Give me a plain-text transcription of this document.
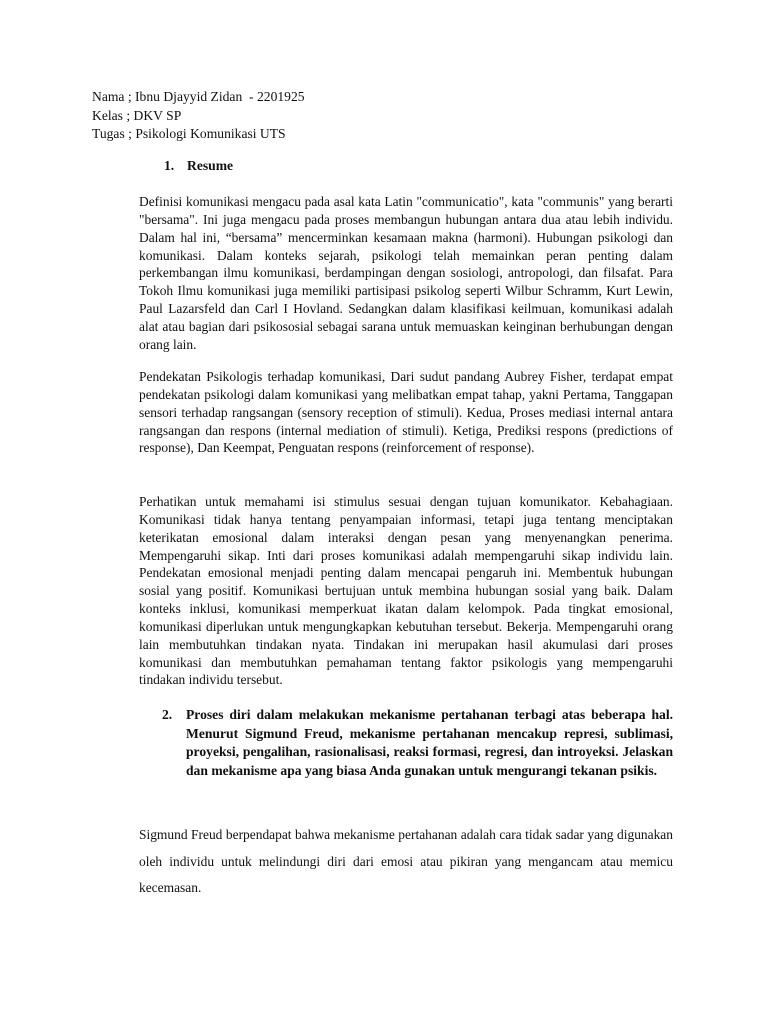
Nama ; Ibnu Djayyid Zidan  - 2201925
Kelas ; DKV SP
Tugas ; Psikologi Komunikasi UTS
1. Resume

Definisi komunikasi mengacu pada asal kata Latin "communicatio", kata "communis" yang berarti "bersama". Ini juga mengacu pada proses membangun hubungan antara dua atau lebih individu. Dalam hal ini, “bersama” mencerminkan kesamaan makna (harmoni). Hubungan psikologi dan komunikasi. Dalam konteks sejarah, psikologi telah memainkan peran penting dalam perkembangan ilmu komunikasi, berdampingan dengan sosiologi, antropologi, dan filsafat. Para Tokoh Ilmu komunikasi juga memiliki partisipasi psikolog seperti Wilbur Schramm, Kurt Lewin, Paul Lazarsfeld dan Carl I Hovland. Sedangkan dalam klasifikasi keilmuan, komunikasi adalah alat atau bagian dari psikososial sebagai sarana untuk memuaskan keinginan berhubungan dengan orang lain.

Pendekatan Psikologis terhadap komunikasi, Dari sudut pandang Aubrey Fisher, terdapat empat pendekatan psikologi dalam komunikasi yang melibatkan empat tahap, yakni Pertama, Tanggapan sensori terhadap rangsangan (sensory reception of stimuli). Kedua, Proses mediasi internal antara rangsangan dan respons (internal mediation of stimuli). Ketiga, Prediksi respons (predictions of response), Dan Keempat, Penguatan respons (reinforcement of response).

Perhatikan untuk memahami isi stimulus sesuai dengan tujuan komunikator. Kebahagiaan. Komunikasi tidak hanya tentang penyampaian informasi, tetapi juga tentang menciptakan keterikatan emosional dalam interaksi dengan pesan yang menyenangkan penerima. Mempengaruhi sikap. Inti dari proses komunikasi adalah mempengaruhi sikap individu lain. Pendekatan emosional menjadi penting dalam mencapai pengaruh ini. Membentuk hubungan sosial yang positif. Komunikasi bertujuan untuk membina hubungan sosial yang baik. Dalam konteks inklusi, komunikasi memperkuat ikatan dalam kelompok. Pada tingkat emosional, komunikasi diperlukan untuk mengungkapkan kebutuhan tersebut. Bekerja. Mempengaruhi orang lain membutuhkan tindakan nyata. Tindakan ini merupakan hasil akumulasi dari proses komunikasi dan membutuhkan pemahaman tentang faktor psikologis yang mempengaruhi tindakan individu tersebut.

2.	Proses diri dalam melakukan mekanisme pertahanan terbagi atas beberapa hal. Menurut Sigmund Freud, mekanisme pertahanan mencakup represi, sublimasi, proyeksi, pengalihan, rasionalisasi, reaksi formasi, regresi, dan introyeksi. Jelaskan dan mekanisme apa yang biasa Anda gunakan untuk mengurangi tekanan psikis.

Sigmund Freud berpendapat bahwa mekanisme pertahanan adalah cara tidak sadar yang digunakan oleh individu untuk melindungi diri dari emosi atau pikiran yang mengancam atau memicu kecemasan.
